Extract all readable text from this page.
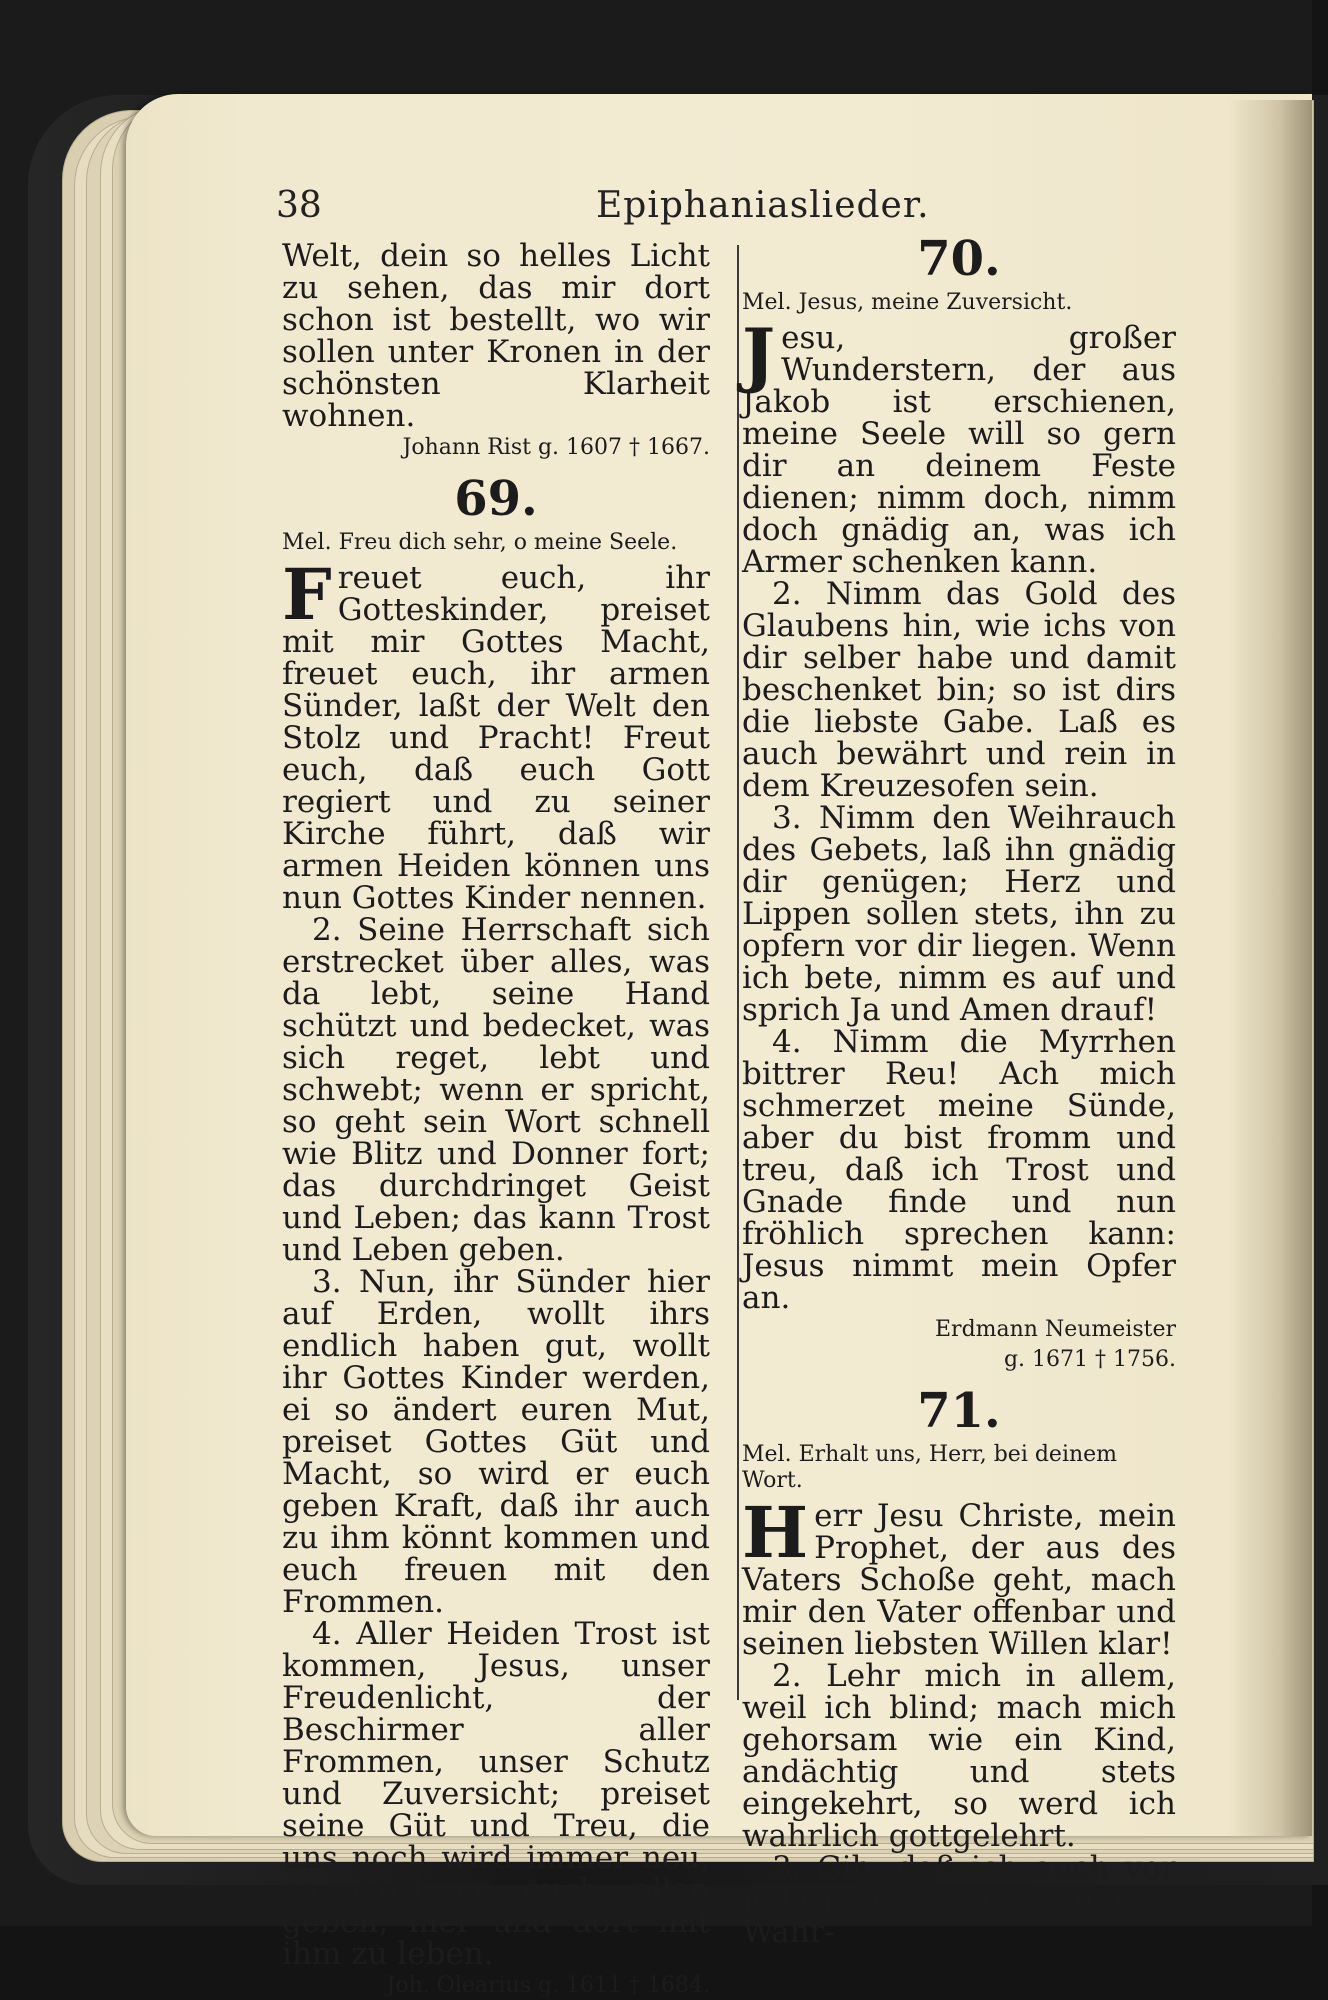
38	Epiphaniaslieder.

Welt, dein so helles Licht zu sehen, das mir dort schon ist bestellt, wo wir sollen unter Kronen in der schönsten Klarheit wohnen.

Johann Rist g. 1607 † 1667.

69.

Mel. Freu dich sehr, o meine Seele.

Freuet euch, ihr Gotteskinder, preiset mit mir Gottes Macht, freuet euch, ihr armen Sünder, laßt der Welt den Stolz und Pracht! Freut euch, daß euch Gott regiert und zu seiner Kirche führt, daß wir armen Heiden können uns nun Gottes Kinder nennen.

2. Seine Herrschaft sich erstrecket über alles, was da lebt, seine Hand schützt und bedecket, was sich reget, lebt und schwebt; wenn er spricht, so geht sein Wort schnell wie Blitz und Donner fort; das durchdringet Geist und Leben; das kann Trost und Leben geben.

3. Nun, ihr Sünder hier auf Erden, wollt ihrs endlich haben gut, wollt ihr Gottes Kinder werden, ei so ändert euren Mut, preiset Gottes Güt und Macht, so wird er euch geben Kraft, daß ihr auch zu ihm könnt kommen und euch freuen mit den Frommen.

4. Aller Heiden Trost ist kommen, Jesus, unser Freudenlicht, der Beschirmer aller Frommen, unser Schutz und Zuversicht; preiset seine Güt und Treu, die uns noch wird immer neu, so wird er euch allen geben, hier und dort mit ihm zu leben.

Joh. Olearius g. 1611 † 1684.

70.

Mel. Jesus, meine Zuversicht.

Jesu, großer Wunderstern, der aus Jakob ist erschienen, meine Seele will so gern dir an deinem Feste dienen; nimm doch, nimm doch gnädig an, was ich Armer schenken kann.

2. Nimm das Gold des Glaubens hin, wie ichs von dir selber habe und damit beschenket bin; so ist dirs die liebste Gabe. Laß es auch bewährt und rein in dem Kreuzesofen sein.

3. Nimm den Weihrauch des Gebets, laß ihn gnädig dir genügen; Herz und Lippen sollen stets, ihn zu opfern vor dir liegen. Wenn ich bete, nimm es auf und sprich Ja und Amen drauf!

4. Nimm die Myrrhen bittrer Reu! Ach mich schmerzet meine Sünde, aber du bist fromm und treu, daß ich Trost und Gnade finde und nun fröhlich sprechen kann: Jesus nimmt mein Opfer an.

Erdmann Neumeister

g. 1671 † 1756.

71.

Mel. Erhalt uns, Herr, bei deinem Wort.

Herr Jesu Christe, mein Prophet, der aus des Vaters Schoße geht, mach mir den Vater offenbar und seinen liebsten Willen klar!

2. Lehr mich in allem, weil ich blind; mach mich gehorsam wie ein Kind, andächtig und stets eingekehrt, so werd ich wahrlich gottgelehrt.

3. Gib, daß ich auch vor jedermann von deiner Wahr-
